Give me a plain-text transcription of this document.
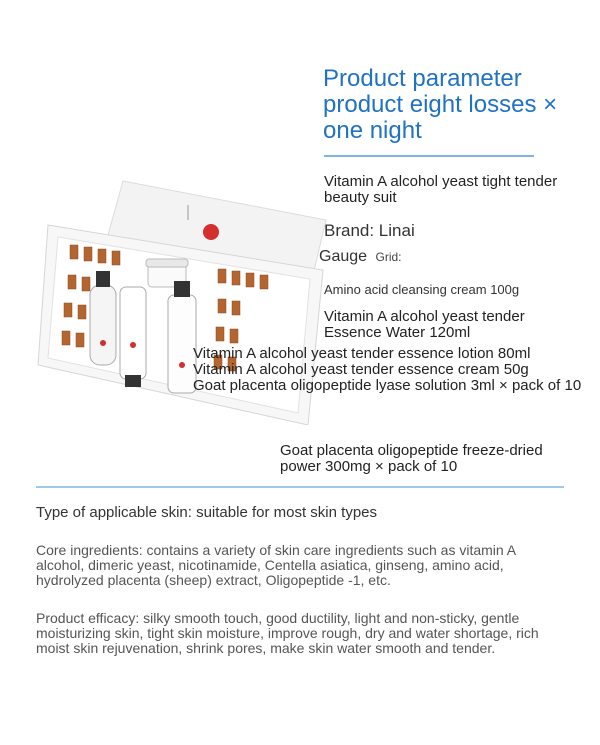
Product parameter product eight losses × one night
Vitamin A alcohol yeast tight tender beauty suit
Brand: Linai
Gauge Grid:
Amino acid cleansing cream 100g
Vitamin A alcohol yeast tender Essence Water 120ml
Vitamin A alcohol yeast tender essence lotion 80ml
Vitamin A alcohol yeast tender essence cream 50g
Goat placenta oligopeptide lyase solution 3ml × pack of 10
Goat placenta oligopeptide freeze-dried power 300mg × pack of 10
Type of applicable skin: suitable for most skin types
Core ingredients: contains a variety of skin care ingredients such as vitamin A alcohol, dimeric yeast, nicotinamide, Centella asiatica, ginseng, amino acid, hydrolyzed placenta (sheep) extract, Oligopeptide -1, etc.
Product efficacy: silky smooth touch, good ductility, light and non-sticky, gentle moisturizing skin, tight skin moisture, improve rough, dry and water shortage, rich moist skin rejuvenation, shrink pores, make skin water smooth and tender.
